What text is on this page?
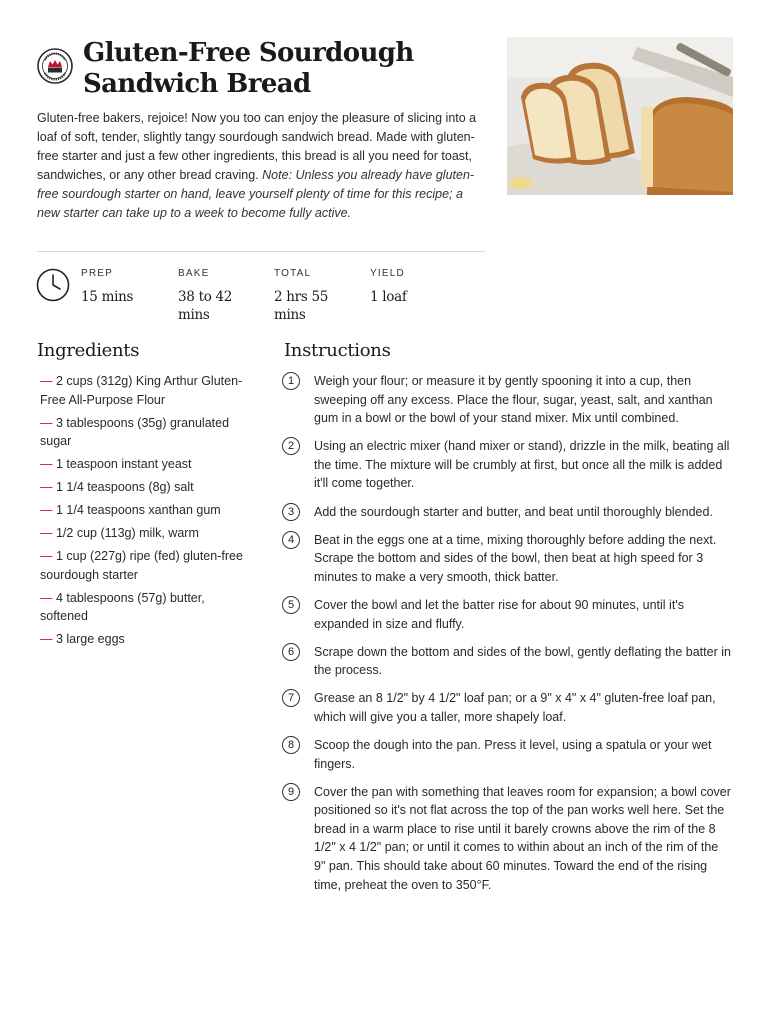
Gluten-Free Sourdough
Sandwich Bread

Gluten-free bakers, rejoice! Now you too can enjoy the pleasure of slicing into a loaf of soft, tender, slightly tangy sourdough sandwich bread. Made with gluten-free starter and just a few other ingredients, this bread is all you need for toast, sandwiches, or any other bread craving. Note: Unless you already have gluten-free sourdough starter on hand, leave yourself plenty of time for this recipe; a new starter can take up to a week to become fully active.

PREP
15 mins
BAKE
38 to 42 mins
TOTAL
2 hrs 55 mins
YIELD
1 loaf
Ingredients
— 2 cups (312g) King Arthur Gluten-Free All-Purpose Flour
— 3 tablespoons (35g) granulated sugar
— 1 teaspoon instant yeast
— 1 1/4 teaspoons (8g) salt
— 1 1/4 teaspoons xanthan gum
— 1/2 cup (113g) milk, warm
— 1 cup (227g) ripe (fed) gluten-free sourdough starter
— 4 tablespoons (57g) butter, softened
— 3 large eggs
Instructions
1	Weigh your flour; or measure it by gently spooning it into a cup, then sweeping off any excess. Place the flour, sugar, yeast, salt, and xanthan gum in a bowl or the bowl of your stand mixer. Mix until combined.
2	Using an electric mixer (hand mixer or stand), drizzle in the milk, beating all the time. The mixture will be crumbly at first, but once all the milk is added it'll come together.
3	Add the sourdough starter and butter, and beat until thoroughly blended.
4	Beat in the eggs one at a time, mixing thoroughly before adding the next. Scrape the bottom and sides of the bowl, then beat at high speed for 3 minutes to make a very smooth, thick batter.
5	Cover the bowl and let the batter rise for about 90 minutes, until it's expanded in size and fluffy.
6	Scrape down the bottom and sides of the bowl, gently deflating the batter in the process.
7	Grease an 8 1/2" by 4 1/2" loaf pan; or a 9" x 4" x 4" gluten-free loaf pan, which will give you a taller, more shapely loaf.
8	Scoop the dough into the pan. Press it level, using a spatula or your wet fingers.
9	Cover the pan with something that leaves room for expansion; a bowl cover positioned so it's not flat across the top of the pan works well here. Set the bread in a warm place to rise until it barely crowns above the rim of the 8 1/2" x 4 1/2" pan; or until it comes to within about an inch of the rim of the 9" pan. This should take about 60 minutes. Toward the end of the rising time, preheat the oven to 350°F.
